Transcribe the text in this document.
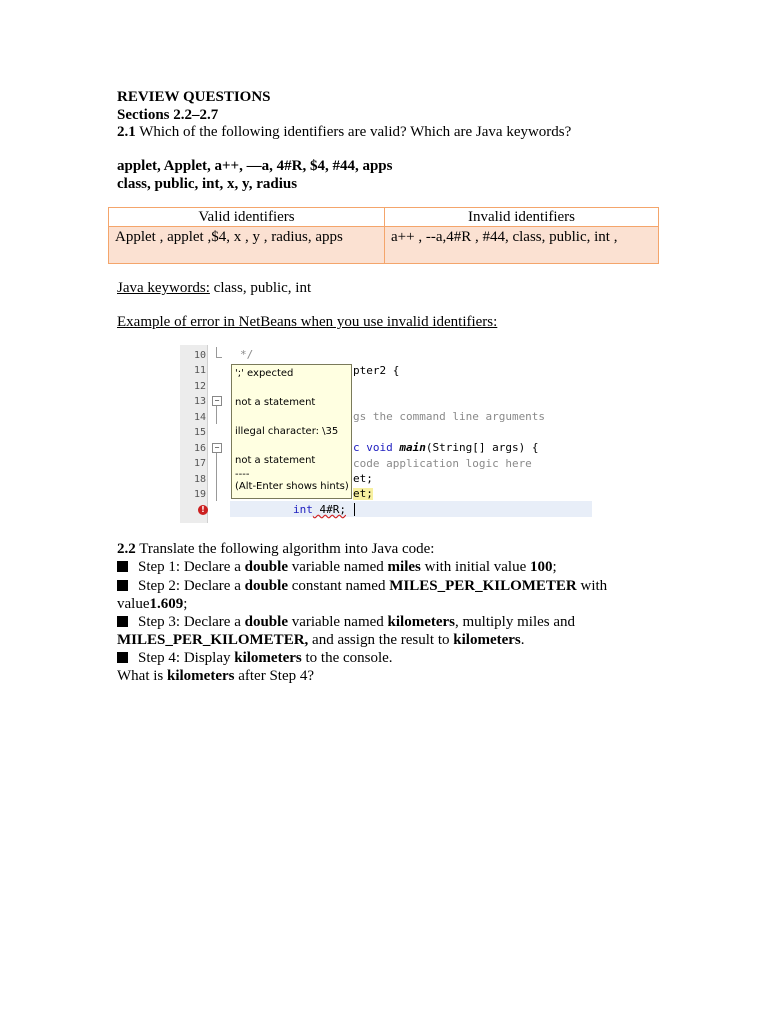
REVIEW QUESTIONS
Sections 2.2–2.7
2.1 Which of the following identifiers are valid? Which are Java keywords?
applet, Applet, a++, —a, 4#R, $4, #44, apps
class, public, int, x, y, radius
Valid identifiers	Invalid identifiers
Applet , applet ,$4, x , y , radius, apps	a++ , --a,4#R , #44, class, public, int ,
Java keywords: class, public, int
Example of error in NetBeans when you use invalid identifiers:
10
11
12
13
14
15
16
17
18
19
−
−
!
*/
pter2 {
gs the command line arguments
c void main(String[] args) {
code application logic here
et;
et;
int 4#R;
';' expected
not a statement
illegal character: \35
not a statement
----
(Alt-Enter shows hints)
2.2 Translate the following algorithm into Java code:
Step 1: Declare a double variable named miles with initial value 100;
Step 2: Declare a double constant named MILES_PER_KILOMETER with
value1.609;
Step 3: Declare a double variable named kilometers, multiply miles and
MILES_PER_KILOMETER, and assign the result to kilometers.
Step 4: Display kilometers to the console.
What is kilometers after Step 4?
